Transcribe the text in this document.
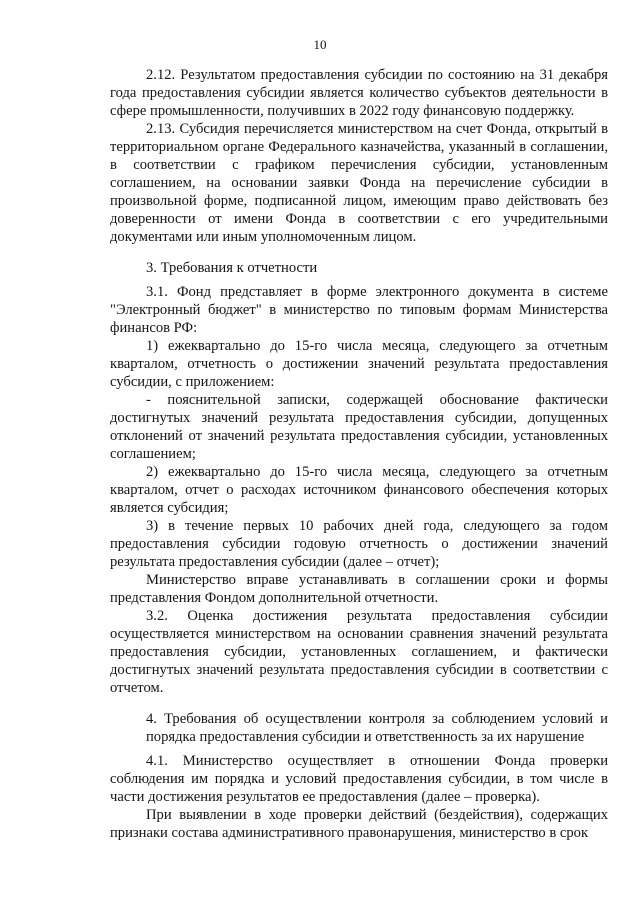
10

2.12. Результатом предоставления субсидии по состоянию на 31 декабря года предоставления субсидии является количество субъектов деятельности в сфере промышленности, получивших в 2022 году финансовую поддержку.

2.13. Субсидия перечисляется министерством на счет Фонда, открытый в территориальном органе Федерального казначейства, указанный в соглашении, в соответствии с графиком перечисления субсидии, установленным соглашением, на основании заявки Фонда на перечисление субсидии в произвольной форме, подписанной лицом, имеющим право действовать без доверенности от имени Фонда в соответствии с его учредительными документами или иным уполномоченным лицом.

3. Требования к отчетности

3.1. Фонд представляет в форме электронного документа в системе "Электронный бюджет" в министерство по типовым формам Министерства финансов РФ:

1) ежеквартально до 15-го числа месяца, следующего за отчетным кварталом, отчетность о достижении значений результата предоставления субсидии, с приложением:

- пояснительной записки, содержащей обоснование фактически достигнутых значений результата предоставления субсидии, допущенных отклонений от значений результата предоставления субсидии, установленных соглашением;

2) ежеквартально до 15-го числа месяца, следующего за отчетным кварталом, отчет о расходах источником финансового обеспечения которых является субсидия;

3) в течение первых 10 рабочих дней года, следующего за годом предоставления субсидии годовую отчетность о достижении значений результата предоставления субсидии (далее – отчет);

Министерство вправе устанавливать в соглашении сроки и формы представления Фондом дополнительной отчетности.

3.2. Оценка достижения результата предоставления субсидии осуществляется министерством на основании сравнения значений результата предоставления субсидии, установленных соглашением, и фактически достигнутых значений результата предоставления субсидии в соответствии с отчетом.

4. Требования об осуществлении контроля за соблюдением условий и порядка предоставления субсидии и ответственность за их нарушение

4.1. Министерство осуществляет в отношении Фонда проверки соблюдения им порядка и условий предоставления субсидии, в том числе в части достижения результатов ее предоставления (далее – проверка).

При выявлении в ходе проверки действий (бездействия), содержащих признаки состава административного правонарушения, министерство в срок
